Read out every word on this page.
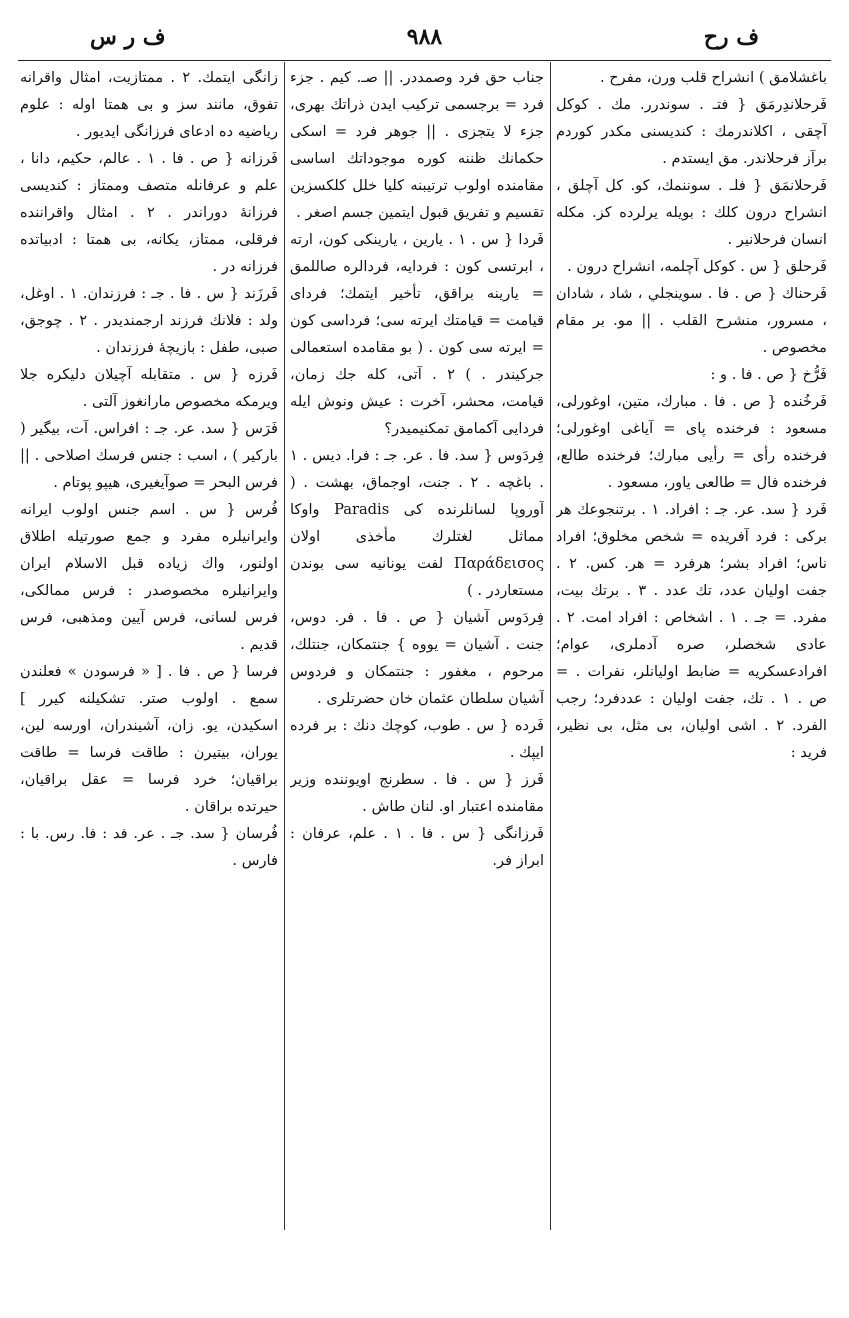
ف رح
٩٨٨
ف ر س

باغشلامق ) انشراح قلب ورن، مفرح .

فَرحلاندِرمَق { فتـ . سوندرر. مك . كوكل آچقى ، اكلاندرمك : كنديسنى مكدر كوردم برآز فرحلاندر. مق ايستدم .

فَرحلانمَق { فلـ . سوننمك، كو. كل آچلق ، انشراح درون كلك : بويله يرلرده كز. مكله انسان فرحلانير .

فَرحلق { س . كوكل آچلمه، انشراح درون .

فَرحناك { ص . فا . سوينجلي ، شاد ، شادان ، مسرور، منشرح القلب . || مو. بر مقام مخصوص .

فَرُّخ { ص . فا . و :

فَرخُنده { ص . فا . مبارك، متين، اوغورلى، مسعود : فرخنده پاى = آياغى اوغورلى؛ فرخنده رأى = رأيى مبارك؛ فرخنده طالع، فرخنده فال = طالعى ياور، مسعود .

فَرد { سد. عر. جـ : افراد. ١ . برتنجوعك هر بركى : فرد آفريده = شخص مخلوق؛ افراد ناس؛ افراد بشر؛ هرفرد = هر. كس. ٢ . جفت اوليان عدد، تك عدد . ٣ . برتك بيت، مفرد. = جـ . ١ . اشخاص : افراد امت. ٢ . عادى شخصلر، صره آدملرى، عوام؛ افرادعسكريه = ضابط اوليانلر، نفرات . = ص . ١ . تك، جفت اوليان : عددفرد؛ رجب الفرد. ٢ . اشى اوليان، بى مثل، بى نظير، فريد :

جناب حق فرد وصمددر. || صـ. كيم . جزء فرد = برجسمى تركيب ايدن ذراتك بهرى، جزء لا يتجزى . || جوهر فرد = اسكى حكمانك ظننه كوره موجوداتك اساسى مقامنده اولوب ترتيبنه كليا خلل كلكسزين تقسيم و تفريق قبول ايتمين جسم اصغر .

فَردا { س . ١ . يارين ، يارينكى كون، ارته ، ابرتسى كون : فردايه، فردالره صاللمق = يارينه براقق، تأخير ايتمك؛ فرداى قيامت = قيامتك ايرته سى؛ فرداسى كون = ايرته سى كون . ( بو مقامده استعمالى جركيندر . ) ٢ . آتى، كله جك زمان، قيامت، محشر، آخرت : عيش ونوش ايله فردايى آكمامق تمكنيميدر؟

فِردَوس { سد. فا . عر. جـ : فرا. ديس . ١ . باغچه . ٢ . جنت، اوجماق، بهشت . ( آوروپا لسانلرنده كى Paradis واوكا مماثل لغتلرك مأخذى اولان Παράδεισος لفت يونانيه سى بوندن مستعاردر . )

فِردَوس آشيان { ص . فا . فر. دوس، جنت . آشيان = يووه } جنتمكان، جنتلك، مرحوم ، مغفور : جنتمكان و فردوس آشيان سلطان عثمان خان حضرتلرى .

فَرده { س . طوب، كوچك دنك : بر فرده ايپك .

فَرز { س . فا . سطرنج اويوننده وزير مقامنده اعتبار او. لنان طاش .

فَرزانگى { س . فا . ١ . علم، عرفان : ابراز فر.

زانگى ايتمك. ٢ . ممتازيت، امثال واقرانه تفوق، مانند سز و بى همتا اوله : علوم رياضيه ده ادعاى فرزانگى ايديور .

فَرزانه { ص . فا . ١ . عالم، حكيم، دانا ، علم و عرفانله متصف وممتاز : كنديسى فرزانۀ دوراندر . ٢ . امثال واقراننده فرقلى، ممتاز، يكانه، بى همتا : ادبياتده فرزانه در .

فَرزَند { س . فا . جـ : فرزندان. ١ . اوغل، ولد : فلانك فرزند ارجمنديدر . ٢ . چوجق، صبى، طفل : بازيچۀ فرزندان .

فَرزه { س . متقابله آچيلان دليكره جلا ويرمكه مخصوص مارانغوز آلتى .

فَرَس { سد. عر. جـ : افراس. آت، بيگير ( باركير ) ، اسب : جنس فرسك اصلاحى . || فرس البحر = صوآيغيرى، هيپو پوتام .

فُرس { س . اسم جنس اولوب ايرانه وايرانيلره مفرد و جمع صورتيله اطلاق اولنور، واك زياده قبل الاسلام ايران وايرانيلره مخصوصدر : فرس ممالكى، فرس لسانى، فرس آيين ومذهبى، فرس قديم .

فرسا { ص . فا . [ « فرسودن » فعلندن سمع . اولوب صتر. تشكيلنه كيرر ] اسكيدن، يو. زان، آشيندران، اورسه لين، يوران، بيتيرن : طاقت فرسا = طاقت براقيان؛ خرد فرسا = عقل براقيان، حيرتده براقان .

فُرسان { سد. جـ . عر. فد : فا. رس. با : فارس .
